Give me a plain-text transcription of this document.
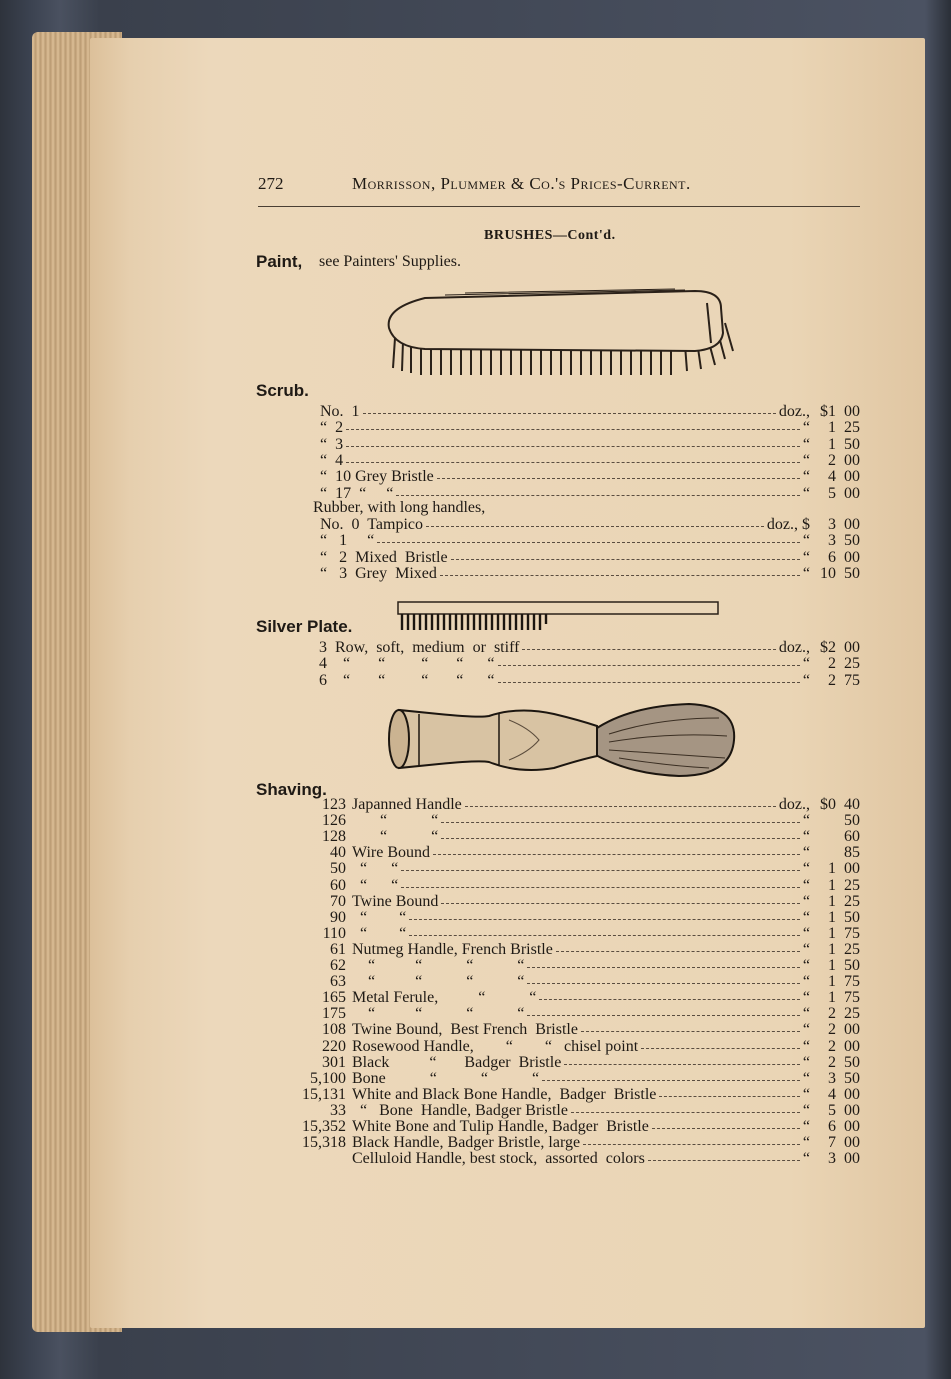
272	Morrisson, Plummer & Co.'s Prices-Current.
BRUSHES—Cont'd.
Paint, see Painters' Supplies.
Scrub.
No.  1	doz., $1 00
“  2	“	1 25
“  3	“	1 50
“  4	“	2 00
“  10 Grey Bristle	“	4 00
“  17  “     “	“	5 00
Rubber, with long handles,
No.  0  Tampico	doz., $	3 00
“   1     “	“	3 50
“   2  Mixed  Bristle	“	6 00
“   3  Grey  Mixed	“ 10 50
Silver Plate.
3  Row,  soft,  medium  or  stiff	doz., $2 00
4    “       “         “       “      “	“	2 25
6    “       “         “       “      “	“	2 75
Shaving.
123 Japanned Handle	doz., $0 40
126 “           “	“	50
128 “           “	“	60
40 Wire Bound	“	85
50 “      “	“	1 00
60 “      “	“	1 25
70 Twine Bound	“	1 25
90 “        “	“	1 50
110 “        “	“	1 75
61 Nutmeg Handle, French Bristle	“	1 25
62 “          “           “           “	“	1 50
63 “          “           “           “	“	1 75
165 Metal Ferule,          “           “	“	1 75
175 “          “           “           “	“	2 25
108 Twine Bound,  Best French  Bristle	“	2 00
220 Rosewood Handle,        “        “   chisel point	“	2 00
301 Black          “       Badger  Bristle	“	2 50
5,100 Bone           “           “           “	“	3 50
15,131 White and Black Bone Handle,  Badger  Bristle	“	4 00
33 “   Bone  Handle, Badger Bristle	“	5 00
15,352 White Bone and Tulip Handle, Badger  Bristle	“	6 00
15,318 Black Handle, Badger Bristle, large	“	7 00
Celluloid Handle, best stock,  assorted  colors	“	3 00
